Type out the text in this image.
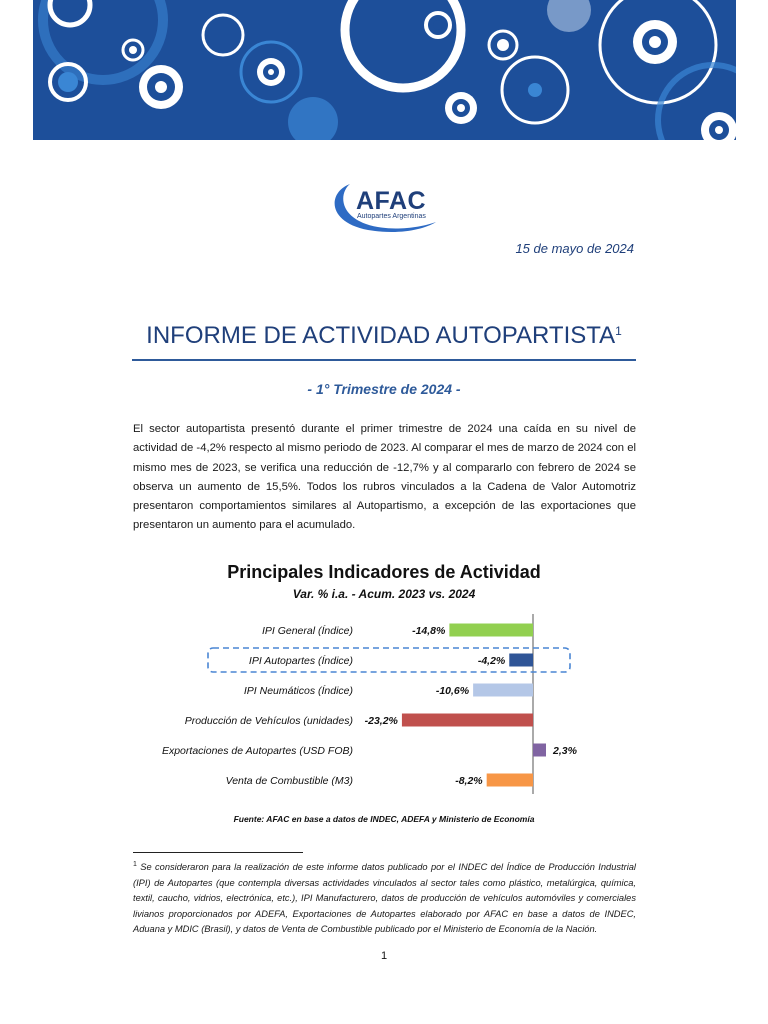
AFAC
Autopartes Argentinas
15 de mayo de 2024
INFORME DE ACTIVIDAD AUTOPARTISTA$^1$
- 1° Trimestre de 2024 -

El sector autopartista presentó durante el primer trimestre de 2024 una caída en su nivel de actividad de -4,2% respecto al mismo periodo de 2023. Al comparar el mes de marzo de 2024 con el mismo mes de 2023, se verifica una reducción de -12,7% y al compararlo con febrero de 2024 se observa un aumento de 15,5%. Todos los rubros vinculados a la Cadena de Valor Automotriz presentaron comportamientos similares al Autopartismo, a excepción de las exportaciones que presentaron un aumento para el acumulado.

Principales Indicadores de Actividad
Var. % i.a. - Acum. 2023 vs. 2024
IPI General (Índice)	-14,8%
IPI Autopartes (Índice)	-4,2%
IPI Neumáticos (Índice)	-10,6%
Producción de Vehículos (unidades) -23,2%
Exportaciones de Autopartes (USD FOB)	2,3%
Venta de Combustible (M3)	-8,2%
Fuente: AFAC en base a datos de INDEC, ADEFA y Ministerio de Economía

$^1$ Se consideraron para la realización de este informe datos publicado por el INDEC del Índice de Producción Industrial (IPI) de Autopartes (que contempla diversas actividades vinculados al sector tales como plástico, metalúrgica, química, textil, caucho, vidrios, electrónica, etc.), IPI Manufacturero, datos de producción de vehículos automóviles y comerciales livianos proporcionados por ADEFA, Exportaciones de Autopartes elaborado por AFAC en base a datos de INDEC, Aduana y MDIC (Brasil), y datos de Venta de Combustible publicado por el Ministerio de Economía de la Nación.

1
